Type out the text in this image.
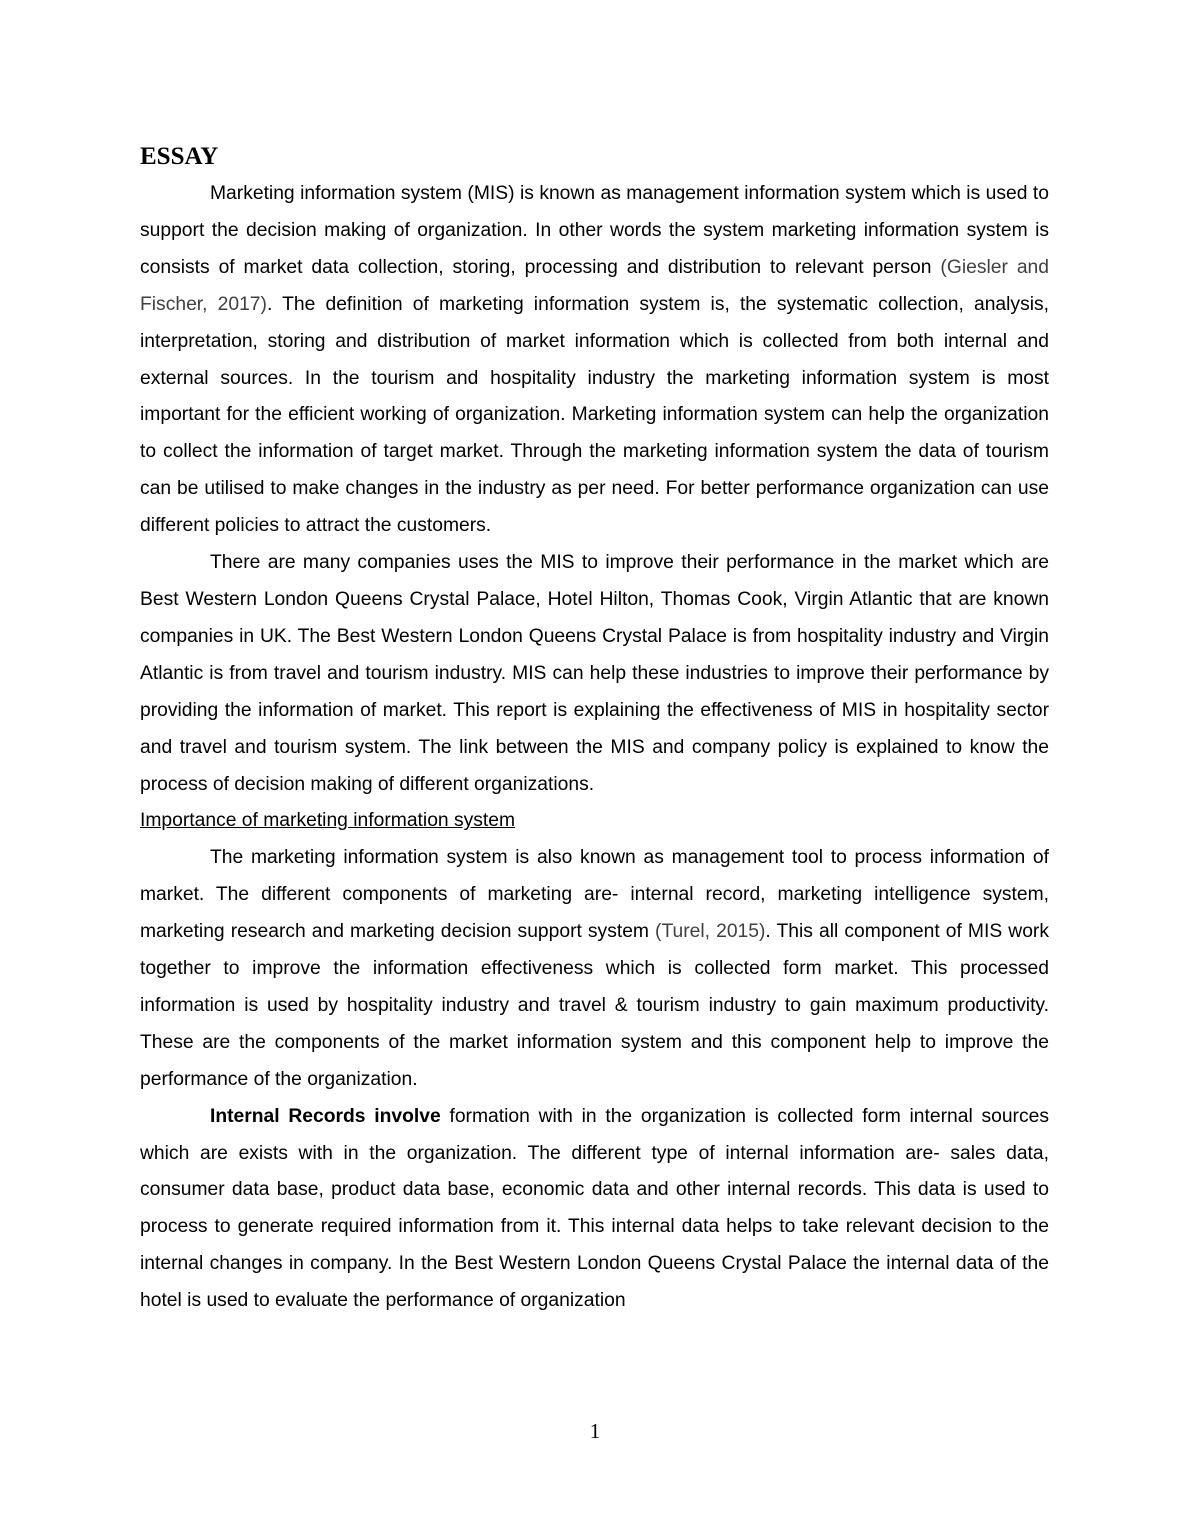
ESSAY

Marketing information system (MIS) is known as management information system which is used to support the decision making of organization. In other words the system marketing information system is consists of market data collection, storing, processing and distribution to relevant person (Giesler and Fischer, 2017). The definition of marketing information system is, the systematic collection, analysis, interpretation, storing and distribution of market information which is collected from both internal and external sources. In the tourism and hospitality industry the marketing information system is most important for the efficient working of organization. Marketing information system can help the organization to collect the information of target market. Through the marketing information system the data of tourism can be utilised to make changes in the industry as per need. For better performance organization can use different policies to attract the customers.

There are many companies uses the MIS to improve their performance in the market which are Best Western London Queens Crystal Palace, Hotel Hilton, Thomas Cook, Virgin Atlantic that are known companies in UK. The Best Western London Queens Crystal Palace is from hospitality industry and Virgin Atlantic is from travel and tourism industry. MIS can help these industries to improve their performance by providing the information of market. This report is explaining the effectiveness of MIS in hospitality sector and travel and tourism system. The link between the MIS and company policy is explained to know the process of decision making of different organizations.

Importance of marketing information system

The marketing information system is also known as management tool to process information of market. The different components of marketing are- internal record, marketing intelligence system, marketing research and marketing decision support system (Turel, 2015). This all component of MIS work together to improve the information effectiveness which is collected form market. This processed information is used by hospitality industry and travel & tourism industry to gain maximum productivity. These are the components of the market information system and this component help to improve the performance of the organization.

Internal Records involve formation with in the organization is collected form internal sources which are exists with in the organization. The different type of internal information are- sales data, consumer data base, product data base, economic data and other internal records. This data is used to process to generate required information from it. This internal data helps to take relevant decision to the internal changes in company. In the Best Western London Queens Crystal Palace the internal data of the hotel is used to evaluate the performance of organization

1
